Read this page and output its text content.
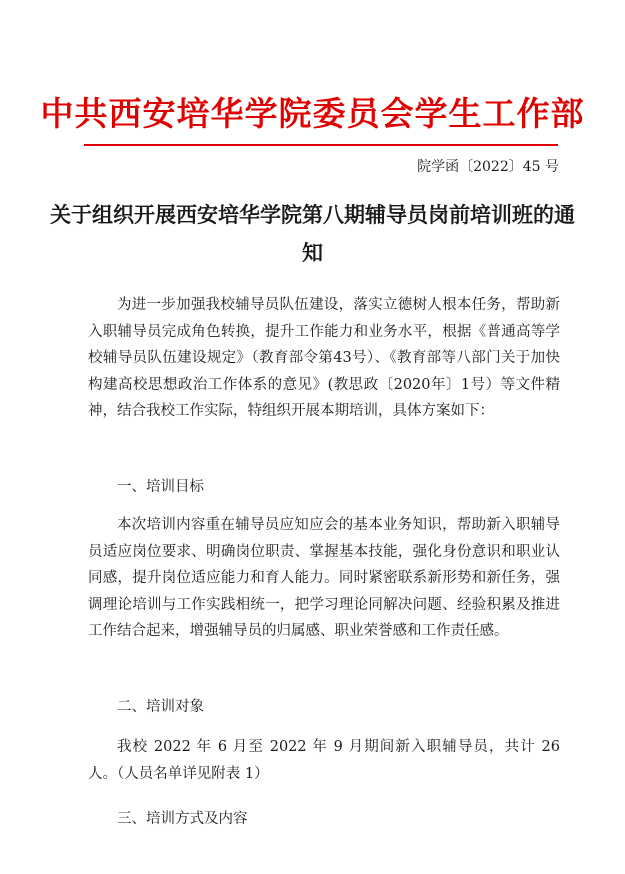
中共西安培华学院委员会学生工作部
院学函〔2022〕45 号
关于组织开展西安培华学院第八期辅导员岗前培训班的通知
为进一步加强我校辅导员队伍建设，落实立德树人根本任务，帮助新入职辅导员完成角色转换，提升工作能力和业务水平，根据《普通高等学校辅导员队伍建设规定》（教育部令第43号）、《教育部等八部门关于加快构建高校思想政治工作体系的意见》(教思政〔2020年〕1号）等文件精神，结合我校工作实际，特组织开展本期培训，具体方案如下：
一、培训目标
本次培训内容重在辅导员应知应会的基本业务知识，帮助新入职辅导员适应岗位要求、明确岗位职责、掌握基本技能，强化身份意识和职业认同感，提升岗位适应能力和育人能力。同时紧密联系新形势和新任务，强调理论培训与工作实践相统一，把学习理论同解决问题、经验积累及推进工作结合起来，增强辅导员的归属感、职业荣誉感和工作责任感。
二、培训对象
我校 2022 年 6 月至 2022 年 9 月期间新入职辅导员，共计 26 人。（人员名单详见附表 1）
三、培训方式及内容
